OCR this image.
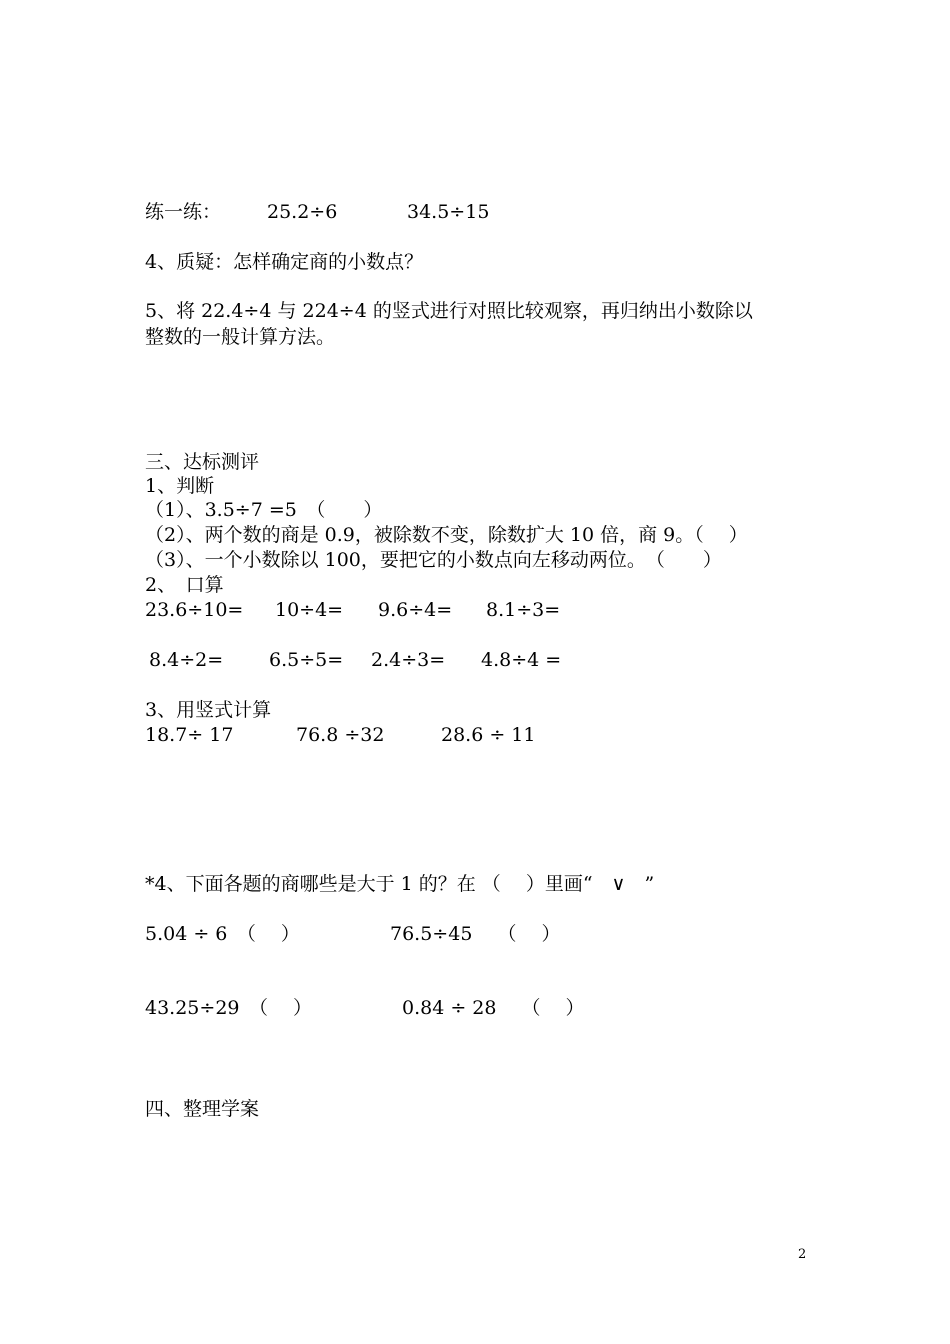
练一练： 25.2÷6	34.5÷15
4、质疑：怎样确定商的小数点？
5、将 22.4÷4 与 224÷4 的竖式进行对照比较观察，再归纳出小数除以
整数的一般计算方法。
三、达标测评
1、判断
（1）、3.5÷7 =5　（　　）
（2）、两个数的商是 0.9，被除数不变，除数扩大 10 倍，商 9。（　 ）
（3）、一个小数除以 100，要把它的小数点向左移动两位。　（　　）
2、　口算
23.6÷10= 10÷4= 9.6÷4= 8.1÷3=
8.4÷2= 6.5÷5= 2.4÷3= 4.8÷4 =
3、用竖式计算
18.7÷ 17	76.8 ÷32	28.6 ÷ 11
*4、下面各题的商哪些是大于 1 的？在 （　 ）里画“　∨　”
5.04 ÷ 6　（　 ）	76.5÷45　 （　 ）
43.25÷29　（　 ）	0.84 ÷ 28　 （　 ）
四、整理学案
2
